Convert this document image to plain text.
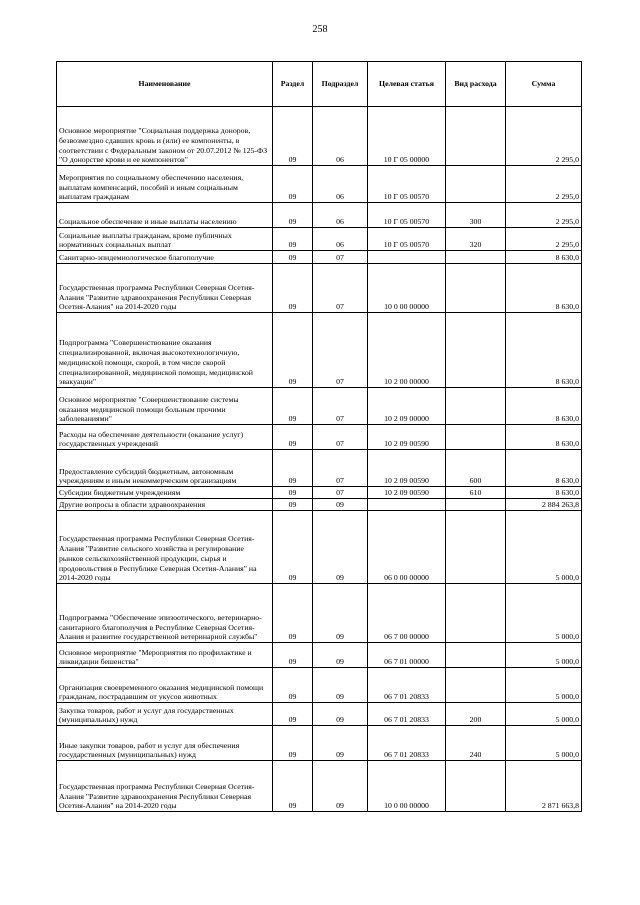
258
Наименование	Раздел	Подраздел	Целевая статья	Вид расхода	Сумма
Основное мероприятие "Социальная поддержка доноров, безвозмездно сдавших кровь и (или) ее компоненты, в соответствии с Федеральным законом от 20.07.2012 № 125-ФЗ "О донорстве крови и ее компонентов"	09	06	10 Г 05 00000		2 295,0
Мероприятия по социальному обеспечению населения, выплатам компенсаций, пособий и иным социальным выплатам гражданам	09	06	10 Г 05 00570		2 295,0
Социальное обеспечение и иные выплаты населению	09	06	10 Г 05 00570	300	2 295,0
Социальные выплаты гражданам, кроме публичных нормативных социальных выплат	09	06	10 Г 05 00570	320	2 295,0
Санитарно-эпидемиологическое благополучие	09	07			8 630,0
Государственная программа Республики Северная Осетия-Алания "Развитие здравоохранения Республики Северная Осетия-Алания" на 2014-2020 годы	09	07	10 0 00 00000		8 630,0
Подпрограмма "Совершенствование оказания специализированной, включая высокотехнологичную, медицинской помощи, скорой, в том числе скорой специализированной, медицинской помощи, медицинской эвакуации"	09	07	10 2 00 00000		8 630,0
Основное мероприятие "Совершенствование системы оказания медицинской помощи больным прочими заболеваниями"	09	07	10 2 09 00000		8 630,0
Расходы на обеспечение деятельности (оказание услуг) государственных учреждений	09	07	10 2 09 00590		8 630,0
Предоставление субсидий бюджетным, автономным учреждениям и иным некоммерческим организациям	09	07	10 2 09 00590	600	8 630,0
Субсидии бюджетным учреждениям	09	07	10 2 09 00590	610	8 630,0
Другие вопросы в области здравоохранения	09	09			2 884 263,8
Государственная программа Республики Северная Осетия-Алания "Развитие сельского хозяйства и регулирование рынков сельскохозяйственной продукции, сырья и продовольствия в Республике Северная Осетия-Алания" на 2014-2020 годы	09	09	06 0 00 00000		5 000,0
Подпрограмма "Обеспечение эпизоотического, ветеринарно-санитарного благополучия в Республике Северная Осетия-Алания и развитие государственной ветеринарной службы"	09	09	06 7 00 00000		5 000,0
Основное мероприятие "Мероприятия по профилактике и ликвидации бешенства"	09	09	06 7 01 00000		5 000,0
Организация своевременного оказания медицинской помощи гражданам, пострадавшим от укусов животных	09	09	06 7 01 20833		5 000,0
Закупка товаров, работ и услуг для государственных (муниципальных) нужд	09	09	06 7 01 20833	200	5 000,0
Иные закупки товаров, работ и услуг для обеспечения государственных (муниципальных) нужд	09	09	06 7 01 20833	240	5 000,0
Государственная программа Республики Северная Осетия-Алания "Развитие здравоохранения Республики Северная Осетия-Алания" на 2014-2020 годы	09	09	10 0 00 00000		2 871 663,8
